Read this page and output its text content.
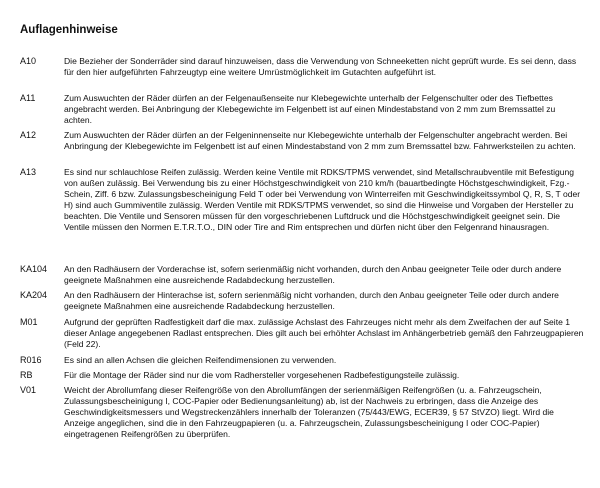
Auflagenhinweise
A10	Die Bezieher der Sonderräder sind darauf hinzuweisen, dass die Verwendung von Schneeketten nicht geprüft wurde. Es sei denn, dass für den hier aufgeführten Fahrzeugtyp eine weitere Umrüstmöglichkeit im Gutachten aufgeführt ist.
A11	Zum Auswuchten der Räder dürfen an der Felgenaußenseite nur Klebegewichte unterhalb der Felgenschulter oder des Tiefbettes angebracht werden. Bei Anbringung der Klebegewichte im Felgenbett ist auf einen Mindestabstand von 2 mm zum Bremssattel zu achten.
A12	Zum Auswuchten der Räder dürfen an der Felgeninnenseite nur Klebegewichte unterhalb der Felgenschulter angebracht werden. Bei Anbringung der Klebegewichte im Felgenbett ist auf einen Mindestabstand von 2 mm zum Bremssattel bzw. Fahrwerksteilen zu achten.
A13	Es sind nur schlauchlose Reifen zulässig. Werden keine Ventile mit RDKS/TPMS verwendet, sind Metallschraubventile mit Befestigung von außen zulässig. Bei Verwendung bis zu einer Höchstgeschwindigkeit von 210 km/h (bauartbedingte Höchstgeschwindigkeit, Fzg.-Schein, Ziff. 6 bzw. Zulassungsbescheinigung Feld T oder bei Verwendung von Winterreifen mit Geschwindigkeitssymbol Q, R, S, T oder H) sind auch Gummiventile zulässig. Werden Ventile mit RDKS/TPMS verwendet, so sind die Hinweise und Vorgaben der Hersteller zu beachten. Die Ventile und Sensoren müssen für den vorgeschriebenen Luftdruck und die Höchstgeschwindigkeit geeignet sein. Die Ventile müssen den Normen E.T.R.T.O., DIN oder Tire and Rim entsprechen und dürfen nicht über den Felgenrand hinausragen.
KA104	An den Radhäusern der Vorderachse ist, sofern serienmäßig nicht vorhanden, durch den Anbau geeigneter Teile oder durch andere geeignete Maßnahmen eine ausreichende Radabdeckung herzustellen.
KA204	An den Radhäusern der Hinterachse ist, sofern serienmäßig nicht vorhanden, durch den Anbau geeigneter Teile oder durch andere geeignete Maßnahmen eine ausreichende Radabdeckung herzustellen.
M01	Aufgrund der geprüften Radfestigkeit darf die max. zulässige Achslast des Fahrzeuges nicht mehr als dem Zweifachen der auf Seite 1 dieser Anlage angegebenen Radlast entsprechen. Dies gilt auch bei erhöhter Achslast im Anhängerbetrieb gemäß den Fahrzeugpapieren (Feld 22).
R016	Es sind an allen Achsen die gleichen Reifendimensionen zu verwenden.
RB	Für die Montage der Räder sind nur die vom Radhersteller vorgesehenen Radbefestigungsteile zulässig.
V01	Weicht der Abrollumfang dieser Reifengröße von den Abrollumfängen der serienmäßigen Reifengrößen (u. a. Fahrzeugschein, Zulassungsbescheinigung I, COC-Papier oder Bedienungsanleitung) ab, ist der Nachweis zu erbringen, dass die Anzeige des Geschwindigkeitsmessers und Wegstreckenzählers innerhalb der Toleranzen (75/443/EWG, ECER39, § 57 StVZO) liegt. Wird die Anzeige angeglichen, sind die in den Fahrzeugpapieren (u. a. Fahrzeugschein, Zulassungsbescheinigung I oder COC-Papier) eingetragenen Reifengrößen zu überprüfen.
